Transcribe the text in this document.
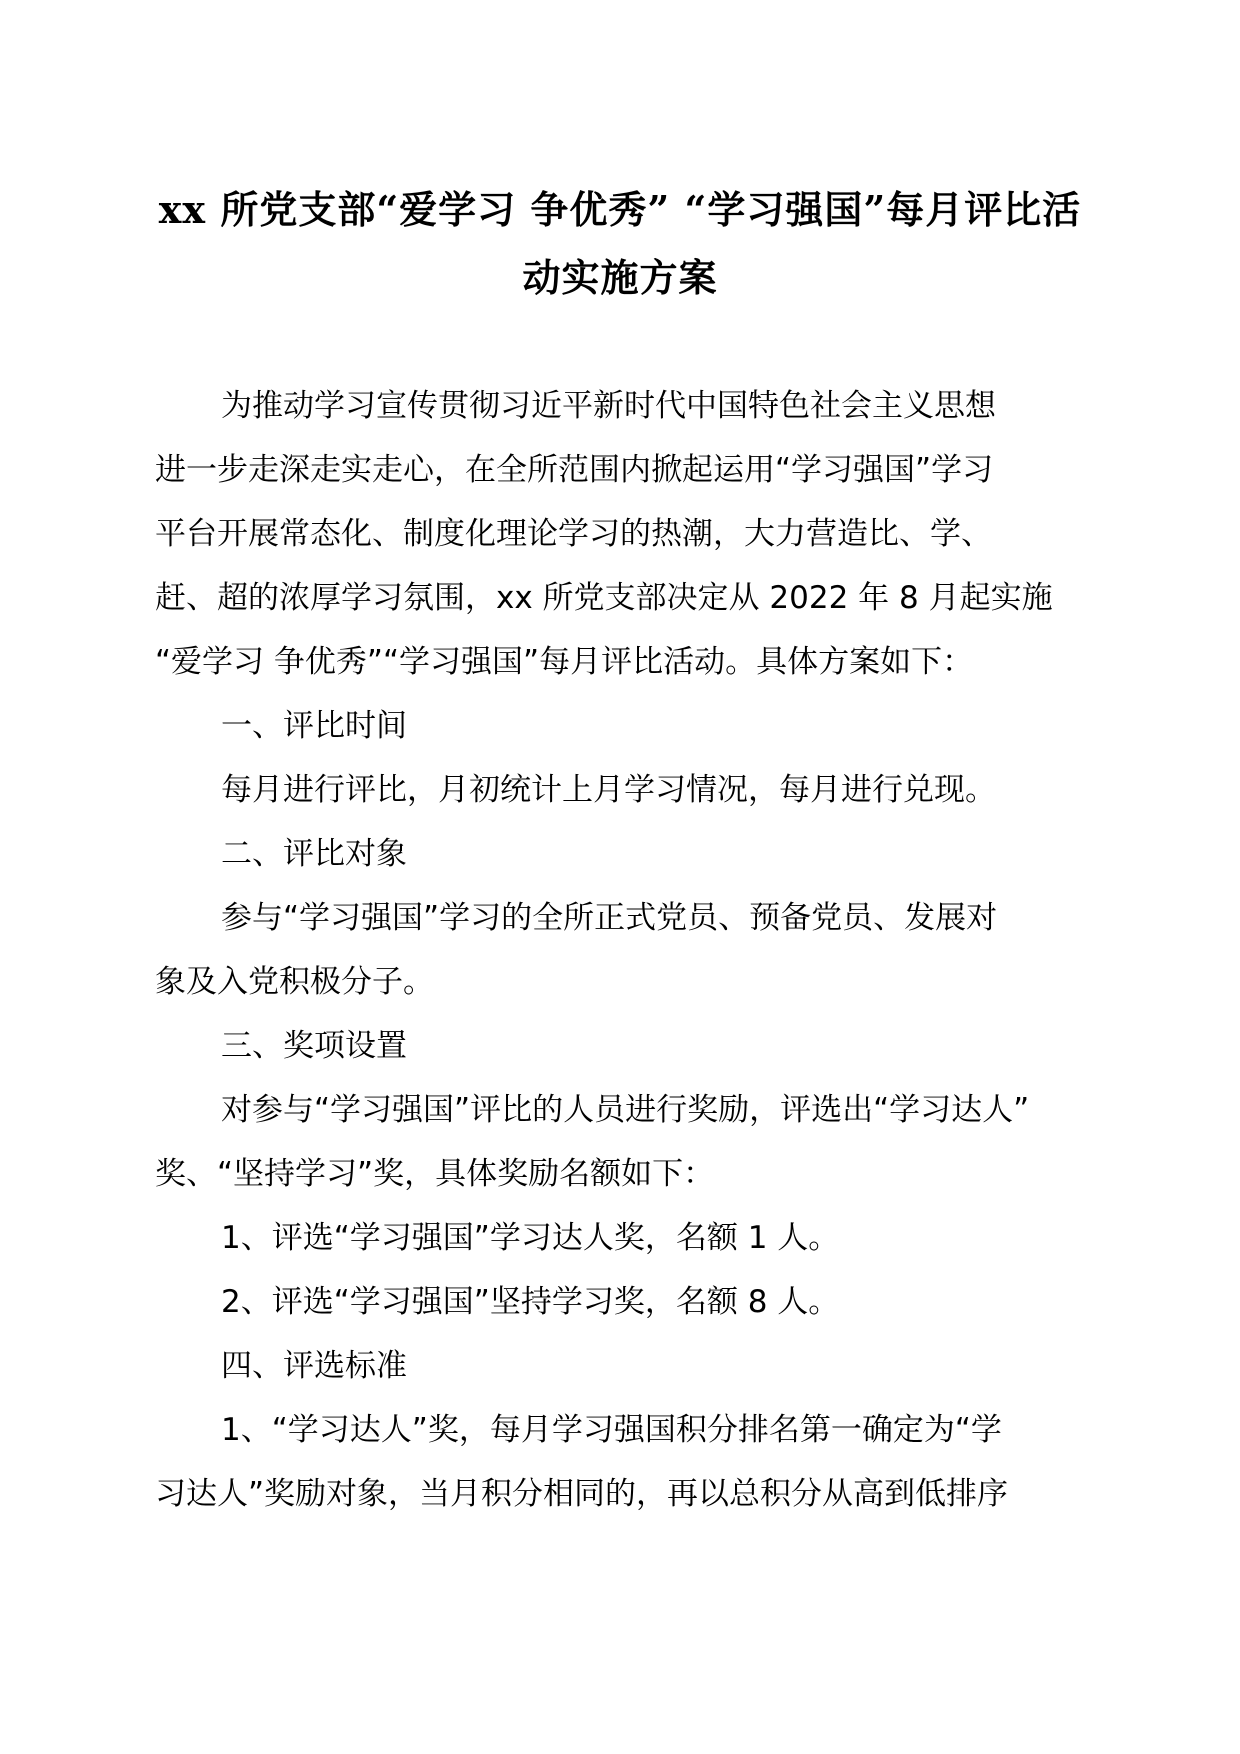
xx 所党支部“爱学习 争优秀” “学习强国”每月评比活
动实施方案

为推动学习宣传贯彻习近平新时代中国特色社会主义思想
进一步走深走实走心，在全所范围内掀起运用“学习强国”学习
平台开展常态化、制度化理论学习的热潮，大力营造比、学、
赶、超的浓厚学习氛围，xx 所党支部决定从 2022 年 8 月起实施
“爱学习 争优秀”“学习强国”每月评比活动。具体方案如下：

一、评比时间
每月进行评比，月初统计上月学习情况，每月进行兑现。

二、评比对象
参与“学习强国”学习的全所正式党员、预备党员、发展对
象及入党积极分子。

三、奖项设置
对参与“学习强国”评比的人员进行奖励，评选出“学习达人”
奖、“坚持学习”奖，具体奖励名额如下：
1、评选“学习强国”学习达人奖，名额 1 人。
2、评选“学习强国”坚持学习奖，名额 8 人。

四、评选标准
1、“学习达人”奖，每月学习强国积分排名第一确定为“学
习达人”奖励对象，当月积分相同的，再以总积分从高到低排序
